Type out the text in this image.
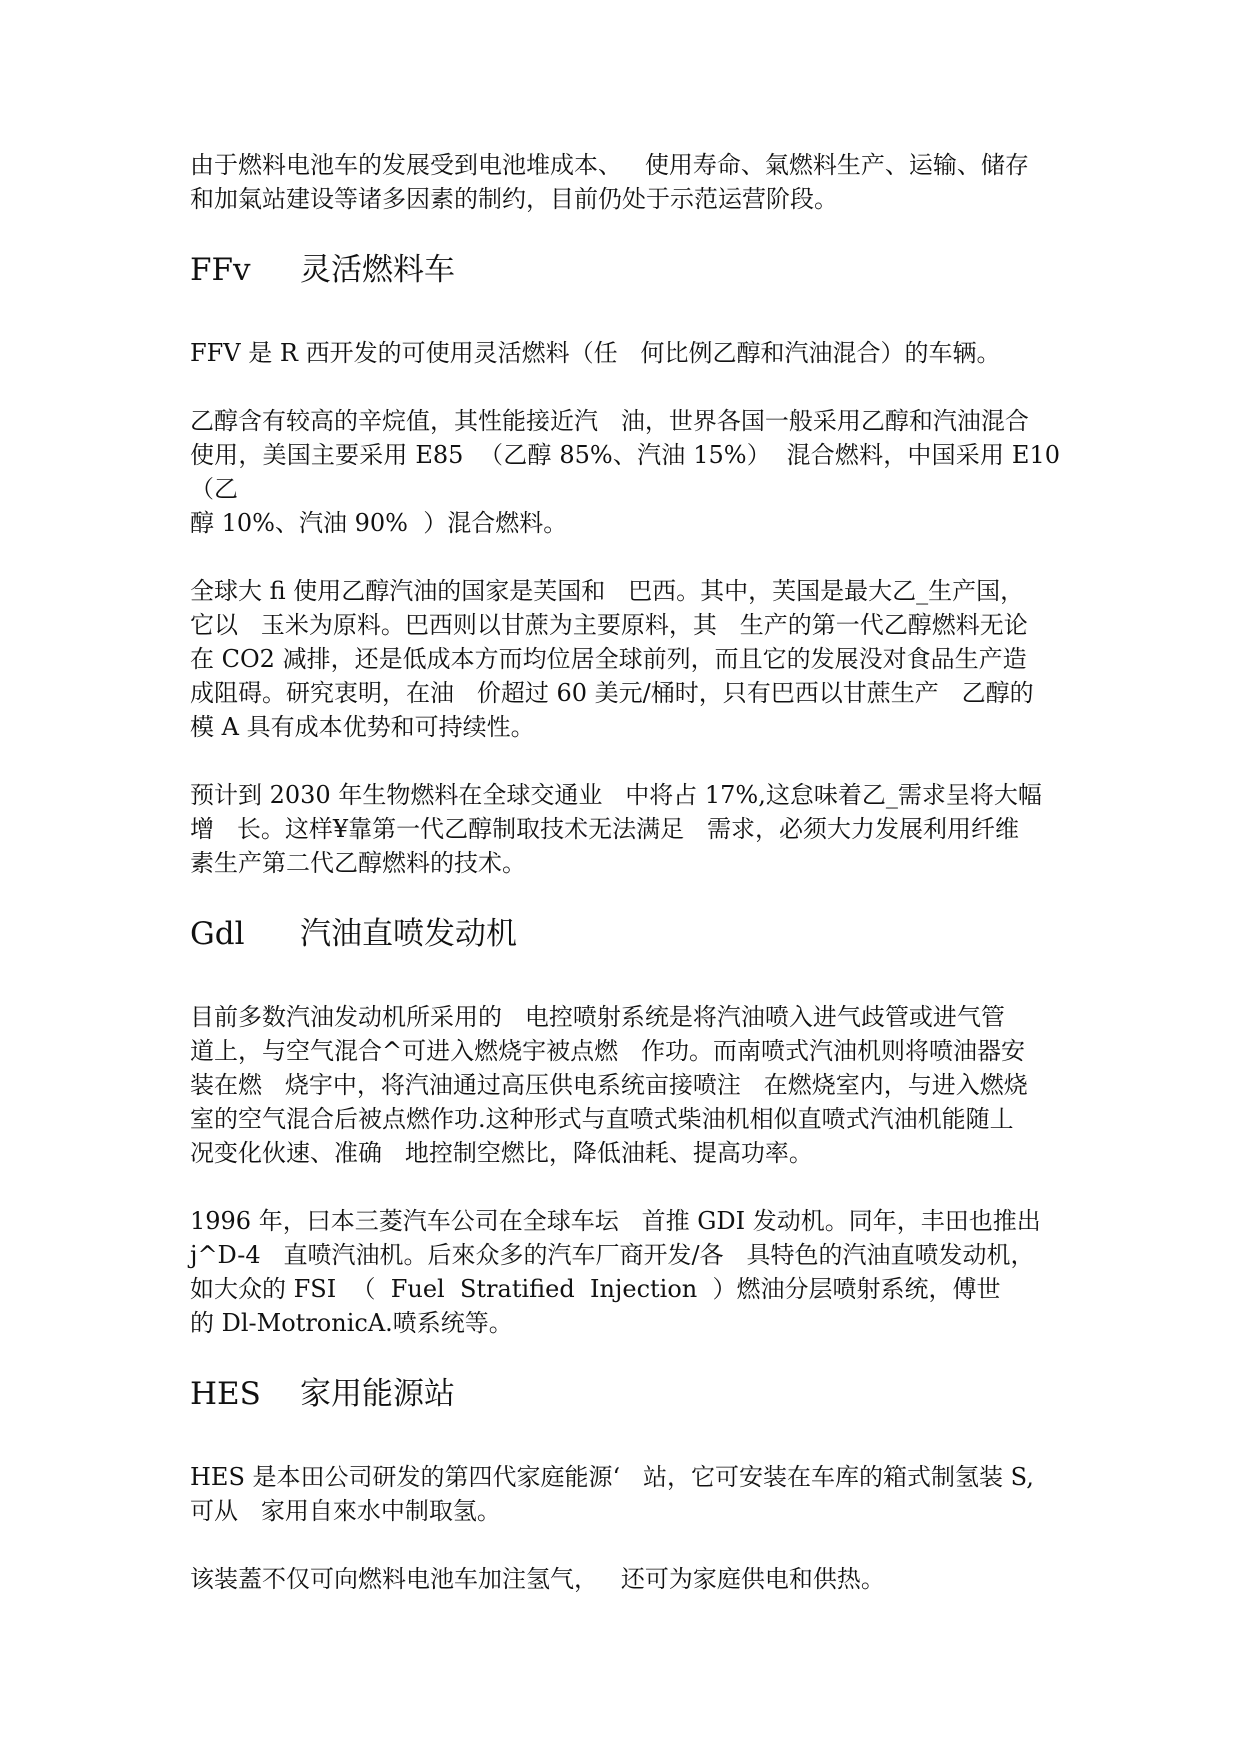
由于燃料电池车的发展受到电池堆成本、   使用寿命、氣燃料生产、运输、储存
和加氣站建设等诸多因素的制约，目前仍处于示范运营阶段。

FFv	灵活燃料车

FFV 是 R 西开发的可使用灵活燃料（任   何比例乙醇和汽油混合）的车辆。

乙醇含有较高的辛烷值，其性能接近汽   油，世界各国一般采用乙醇和汽油混合
使用，美国主要采用 E85  （乙醇 85%、汽油 15%）  混合燃料，中国采用 E10  （乙
醇 10%、汽油 90%  ）混合燃料。

全球大 fi 使用乙醇汽油的国家是芙国和   巴西。其中，芙国是最大乙_生产国，
它以   玉米为原料。巴西则以甘蔗为主要原料，其   生产的第一代乙醇燃料无论
在 CO2 减排，还是低成本方而均位居全球前列，而且它的发展没对食品生产造
成阻碍。研究衷明，在油   价超过 60 美元/桶时，只有巴西以甘蔗生产   乙醇的
模 A 具有成本优势和可持续性。

预计到 2030 年生物燃料在全球交通业   中将占 17%,这怠味着乙_需求呈将大幅
增   长。这样¥靠第一代乙醇制取技术无法满足   需求，必须大力发展利用纤维
素生产第二代乙醇燃料的技术。

Gdl	汽油直喷发动机

目前多数汽油发动机所采用的   电控喷射系统是将汽油喷入进气歧管或进气管
道上，与空气混合^可进入燃烧宇被点燃   作功。而南喷式汽油机则将喷油器安
装在燃   烧宇中，将汽油通过高压供电系统亩接喷注   在燃烧室内，与进入燃烧
室的空气混合后被点燃作功.这种形式与直喷式柴油机相似直喷式汽油机能随丄
况变化伙速、准确   地控制空燃比，降低油耗、提高功率。

1996 年，曰本三菱汽车公司在全球车坛   首推 GDI 发动机。同年，丰田也推出
j^D-4   直喷汽油机。后來众多的汽车厂商开发/各   具特色的汽油直喷发动机，
如大众的 FSI  （  Fuel  Stratified  Injection  ）燃油分层喷射系统，傅世
的 Dl-MotronicA.喷系统等。

HES	家用能源站

HES 是本田公司研发的第四代家庭能源‘   站，它可安装在车库的箱式制氢装 S,
可从   家用自來水中制取氢。

该装蓋不仅可向燃料电池车加注氢气，   还可为家庭供电和供热。
